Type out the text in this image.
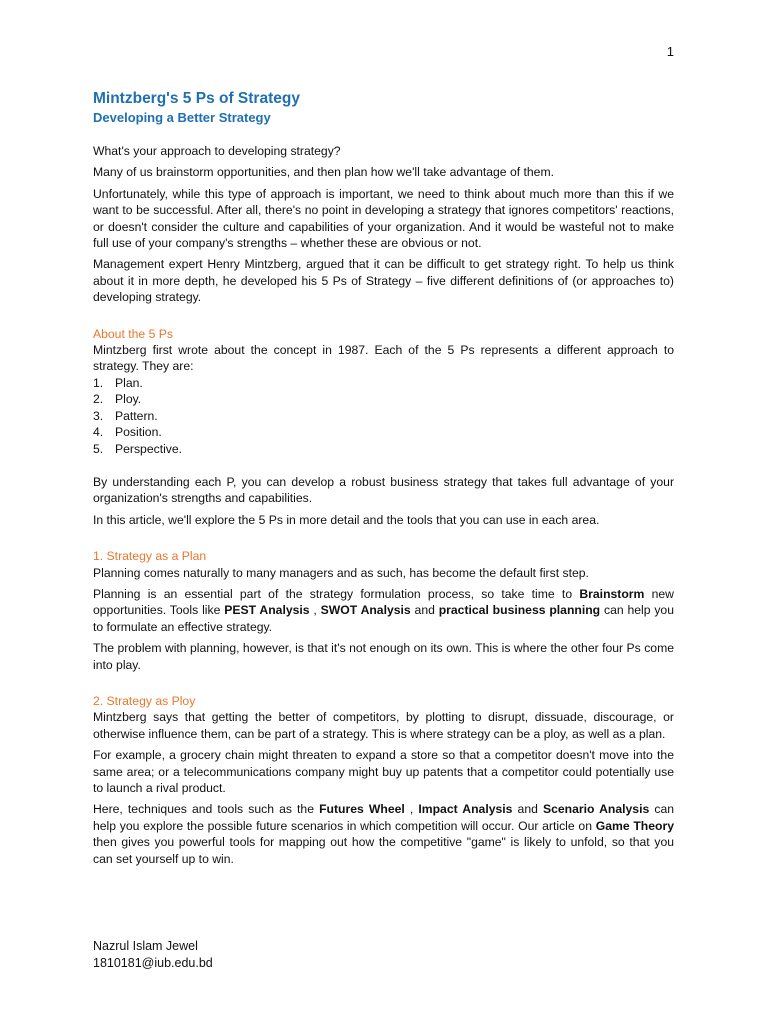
1
Mintzberg's 5 Ps of Strategy
Developing a Better Strategy

What's your approach to developing strategy?

Many of us brainstorm opportunities, and then plan how we'll take advantage of them.

Unfortunately, while this type of approach is important, we need to think about much more than this if we want to be successful. After all, there's no point in developing a strategy that ignores competitors' reactions, or doesn't consider the culture and capabilities of your organization. And it would be wasteful not to make full use of your company's strengths – whether these are obvious or not.

Management expert Henry Mintzberg, argued that it can be difficult to get strategy right. To help us think about it in more depth, he developed his 5 Ps of Strategy – five different definitions of (or approaches to) developing strategy.

About the 5 Ps

Mintzberg first wrote about the concept in 1987. Each of the 5 Ps represents a different approach to strategy. They are:

1. Plan.
2. Ploy.
3. Pattern.
4. Position.
5. Perspective.

By understanding each P, you can develop a robust business strategy that takes full advantage of your organization's strengths and capabilities.

In this article, we'll explore the 5 Ps in more detail and the tools that you can use in each area.

1. Strategy as a Plan

Planning comes naturally to many managers and as such, has become the default first step.

Planning is an essential part of the strategy formulation process, so take time to Brainstorm new opportunities. Tools like PEST Analysis , SWOT Analysis and practical business planning can help you to formulate an effective strategy.

The problem with planning, however, is that it's not enough on its own. This is where the other four Ps come into play.

2. Strategy as Ploy

Mintzberg says that getting the better of competitors, by plotting to disrupt, dissuade, discourage, or otherwise influence them, can be part of a strategy. This is where strategy can be a ploy, as well as a plan.

For example, a grocery chain might threaten to expand a store so that a competitor doesn't move into the same area; or a telecommunications company might buy up patents that a competitor could potentially use to launch a rival product.

Here, techniques and tools such as the Futures Wheel , Impact Analysis and Scenario Analysis can help you explore the possible future scenarios in which competition will occur. Our article on Game Theory then gives you powerful tools for mapping out how the competitive "game" is likely to unfold, so that you can set yourself up to win.

Nazrul Islam Jewel
1810181@iub.edu.bd
